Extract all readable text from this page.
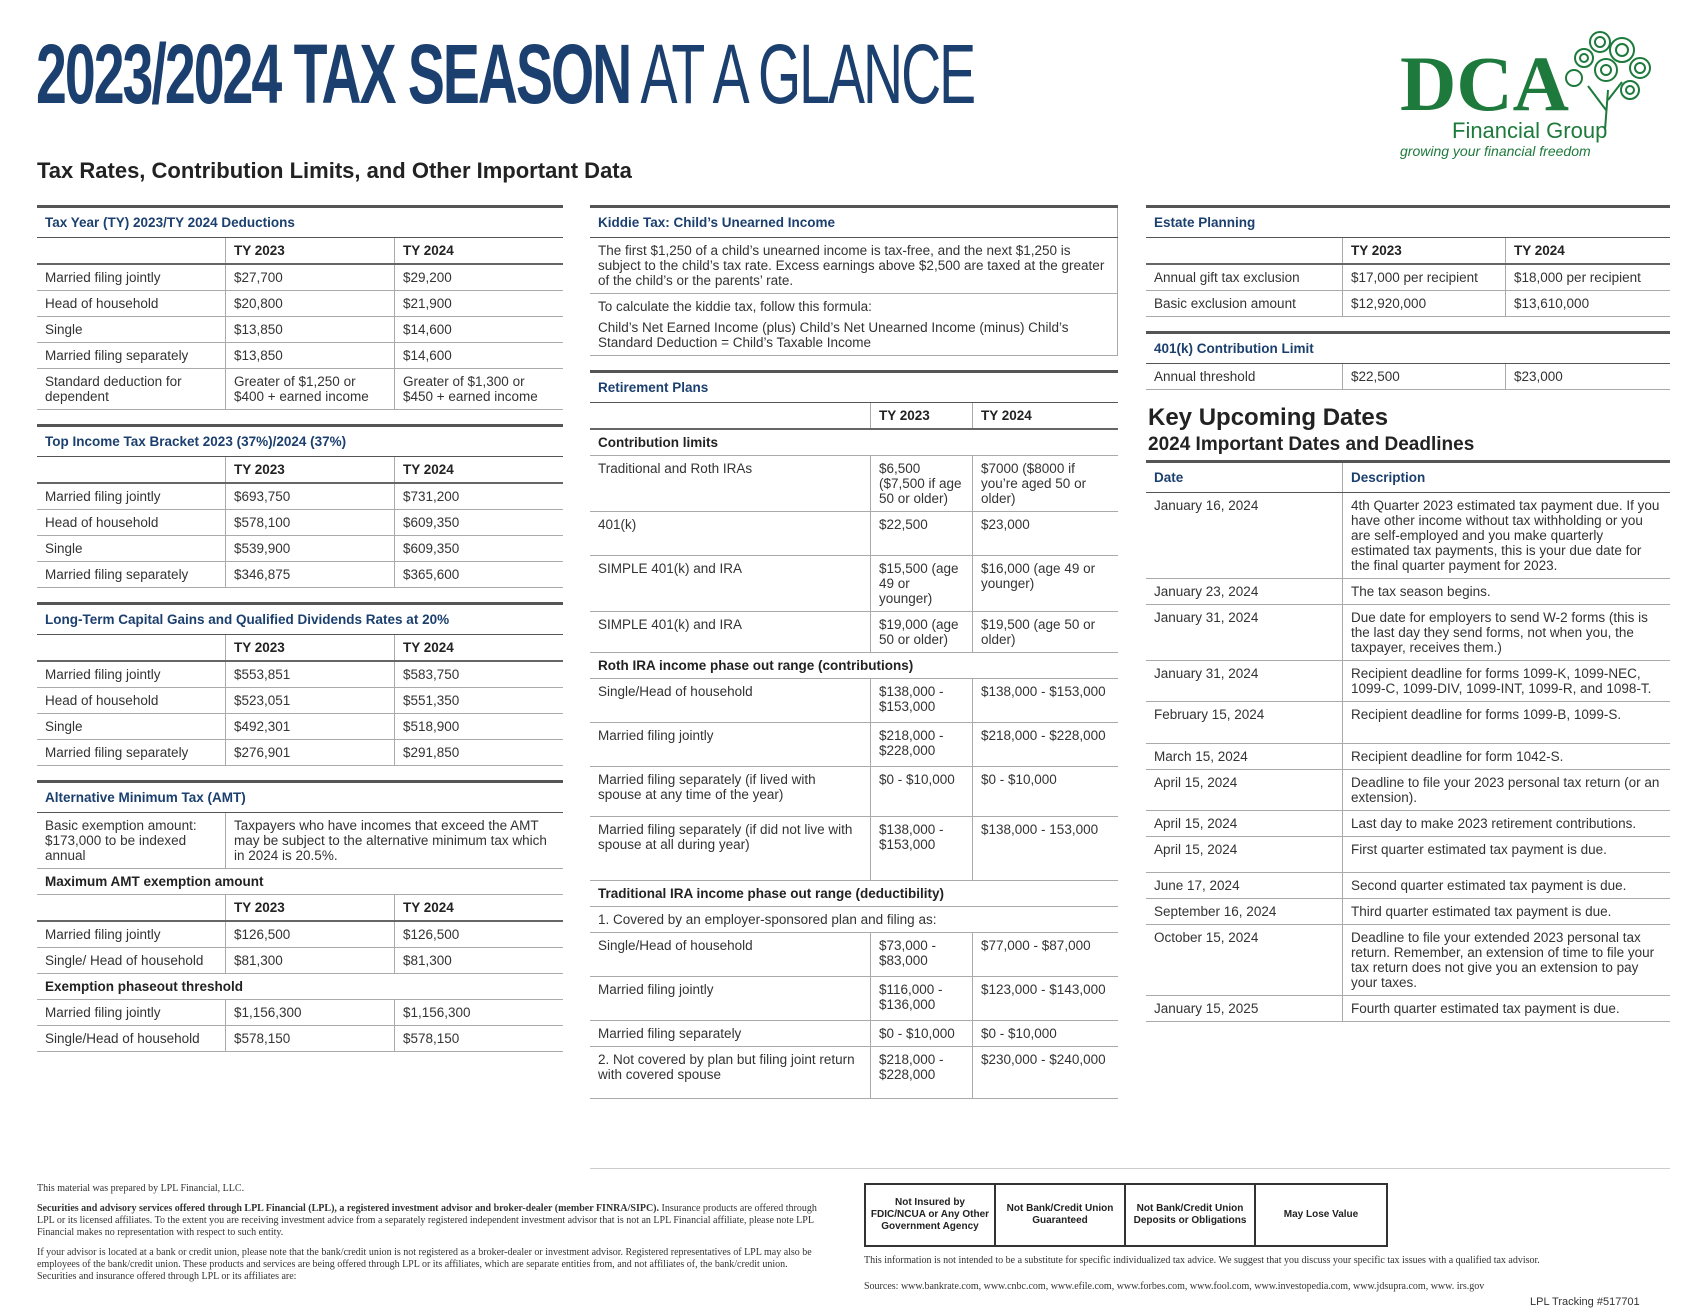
2023/2024 TAX SEASON AT A GLANCE	DCA
Financial Group
growing your financial freedom
Tax Rates, Contribution Limits, and Other Important Data
Tax Year (TY) 2023/TY 2024 Deductions		
	TY 2023	TY 2024
Married filing jointly	$27,700	$29,200
Head of household	$20,800	$21,900
Single	$13,850	$14,600
Married filing separately	$13,850	$14,600
Standard deduction for dependent	Greater of $1,250 or $400 + earned income	Greater of $1,300 or $450 + earned income
Top Income Tax Bracket 2023 (37%)/2024 (37%)		
	TY 2023	TY 2024
Married filing jointly	$693,750	$731,200
Head of household	$578,100	$609,350
Single	$539,900	$609,350
Married filing separately	$346,875	$365,600
Long-Term Capital Gains and Qualified Dividends Rates at 20%		
	TY 2023	TY 2024
Married filing jointly	$553,851	$583,750
Head of household	$523,051	$551,350
Single	$492,301	$518,900
Married filing separately	$276,901	$291,850
Alternative Minimum Tax (AMT)		
Basic exemption amount: $173,000 to be indexed annual	Taxpayers who have incomes that exceed the AMT may be subject to the alternative minimum tax which in 2024 is 20.5%.	
Maximum AMT exemption amount		
	TY 2023	TY 2024
Married filing jointly	$126,500	$126,500
Single/ Head of household	$81,300	$81,300
Exemption phaseout threshold		
Married filing jointly	$1,156,300	$1,156,300
Single/Head of household	$578,150	$578,150
Kiddie Tax: Child’s Unearned Income
The first $1,250 of a child’s unearned income is tax-free, and the next $1,250 is subject to the child’s tax rate. Excess earnings above $2,500 are taxed at the greater of the child’s or the parents’ rate.

To calculate the kiddie tax, follow this formula:
Child’s Net Earned Income (plus) Child’s Net Unearned Income (minus) Child’s Standard Deduction = Child’s Taxable Income
Retirement Plans		
	TY 2023	TY 2024
Contribution limits		
Traditional and Roth IRAs	$6,500 ($7,500 if age 50 or older)	$7000 ($8000 if you’re aged 50 or older)
401(k)	$22,500	$23,000
SIMPLE 401(k) and IRA	$15,500 (age 49 or younger)	$16,000 (age 49 or younger)
SIMPLE 401(k) and IRA	$19,000 (age 50 or older)	$19,500 (age 50 or older)
Roth IRA income phase out range (contributions)		
Single/Head of household	$138,000 - $153,000	$138,000 - $153,000
Married filing jointly	$218,000 - $228,000	$218,000 - $228,000
Married filing separately (if lived with spouse at any time of the year)	$0 - $10,000	$0 - $10,000
Married filing separately (if did not live with spouse at all during year)	$138,000 - $153,000	$138,000 - 153,000
Traditional IRA income phase out range (deductibility)		
1. Covered by an employer-sponsored plan and filing as:		
Single/Head of household	$73,000 - $83,000	$77,000 - $87,000
Married filing jointly	$116,000 - $136,000	$123,000 - $143,000
Married filing separately	$0 - $10,000	$0 - $10,000
2. Not covered by plan but filing joint return with covered spouse	$218,000 - $228,000	$230,000 - $240,000
Estate Planning		
	TY 2023	TY 2024
Annual gift tax exclusion	$17,000 per recipient	$18,000 per recipient
Basic exclusion amount	$12,920,000	$13,610,000
401(k) Contribution Limit
Annual threshold	$22,500	$23,000
Key Upcoming Dates
2024 Important Dates and Deadlines
Date	Description
January 16, 2024	4th Quarter 2023 estimated tax payment due. If you have other income without tax withholding or you are self-employed and you make quarterly estimated tax payments, this is your due date for the final quarter payment for 2023.
January 23, 2024	The tax season begins.
January 31, 2024	Due date for employers to send W-2 forms (this is the last day they send forms, not when you, the taxpayer, receives them.)
January 31, 2024	Recipient deadline for forms 1099-K, 1099-NEC, 1099-C, 1099-DIV, 1099-INT, 1099-R, and 1098-T.
February 15, 2024	Recipient deadline for forms 1099-B, 1099-S.
March 15, 2024	Recipient deadline for form 1042-S.
April 15, 2024	Deadline to file your 2023 personal tax return (or an extension).
April 15, 2024	Last day to make 2023 retirement contributions.
April 15, 2024	First quarter estimated tax payment is due.
June 17, 2024	Second quarter estimated tax payment is due.
September 16, 2024	Third quarter estimated tax payment is due.
October 15, 2024	Deadline to file your extended 2023 personal tax return. Remember, an extension of time to file your tax return does not give you an extension to pay your taxes.
January 15, 2025	Fourth quarter estimated tax payment is due.

This material was prepared by LPL Financial, LLC.

Securities and advisory services offered through LPL Financial (LPL), a registered investment advisor and broker-dealer (member FINRA/SIPC). Insurance products are offered through LPL or its licensed affiliates. To the extent you are receiving investment advice from a separately registered independent investment advisor that is not an LPL Financial affiliate, please note LPL Financial makes no representation with respect to such entity.

If your advisor is located at a bank or credit union, please note that the bank/credit union is not registered as a broker-dealer or investment advisor. Registered representatives of LPL may also be employees of the bank/credit union. These products and services are being offered through LPL or its affiliates, which are separate entities from, and not affiliates of, the bank/credit union. Securities and insurance offered through LPL or its affiliates are:

Not Insured by FDIC/NCUA or Any Other Government Agency
Not Bank/Credit Union Guaranteed
Not Bank/Credit Union Deposits or Obligations
May Lose Value
This information is not intended to be a substitute for specific individualized tax advice. We suggest that you discuss your specific tax issues with a qualified tax advisor.
Sources: www.bankrate.com, www.cnbc.com, www.efile.com, www.forbes.com, www.fool.com, www.investopedia.com, www.jdsupra.com, www. irs.gov
LPL Tracking #517701
